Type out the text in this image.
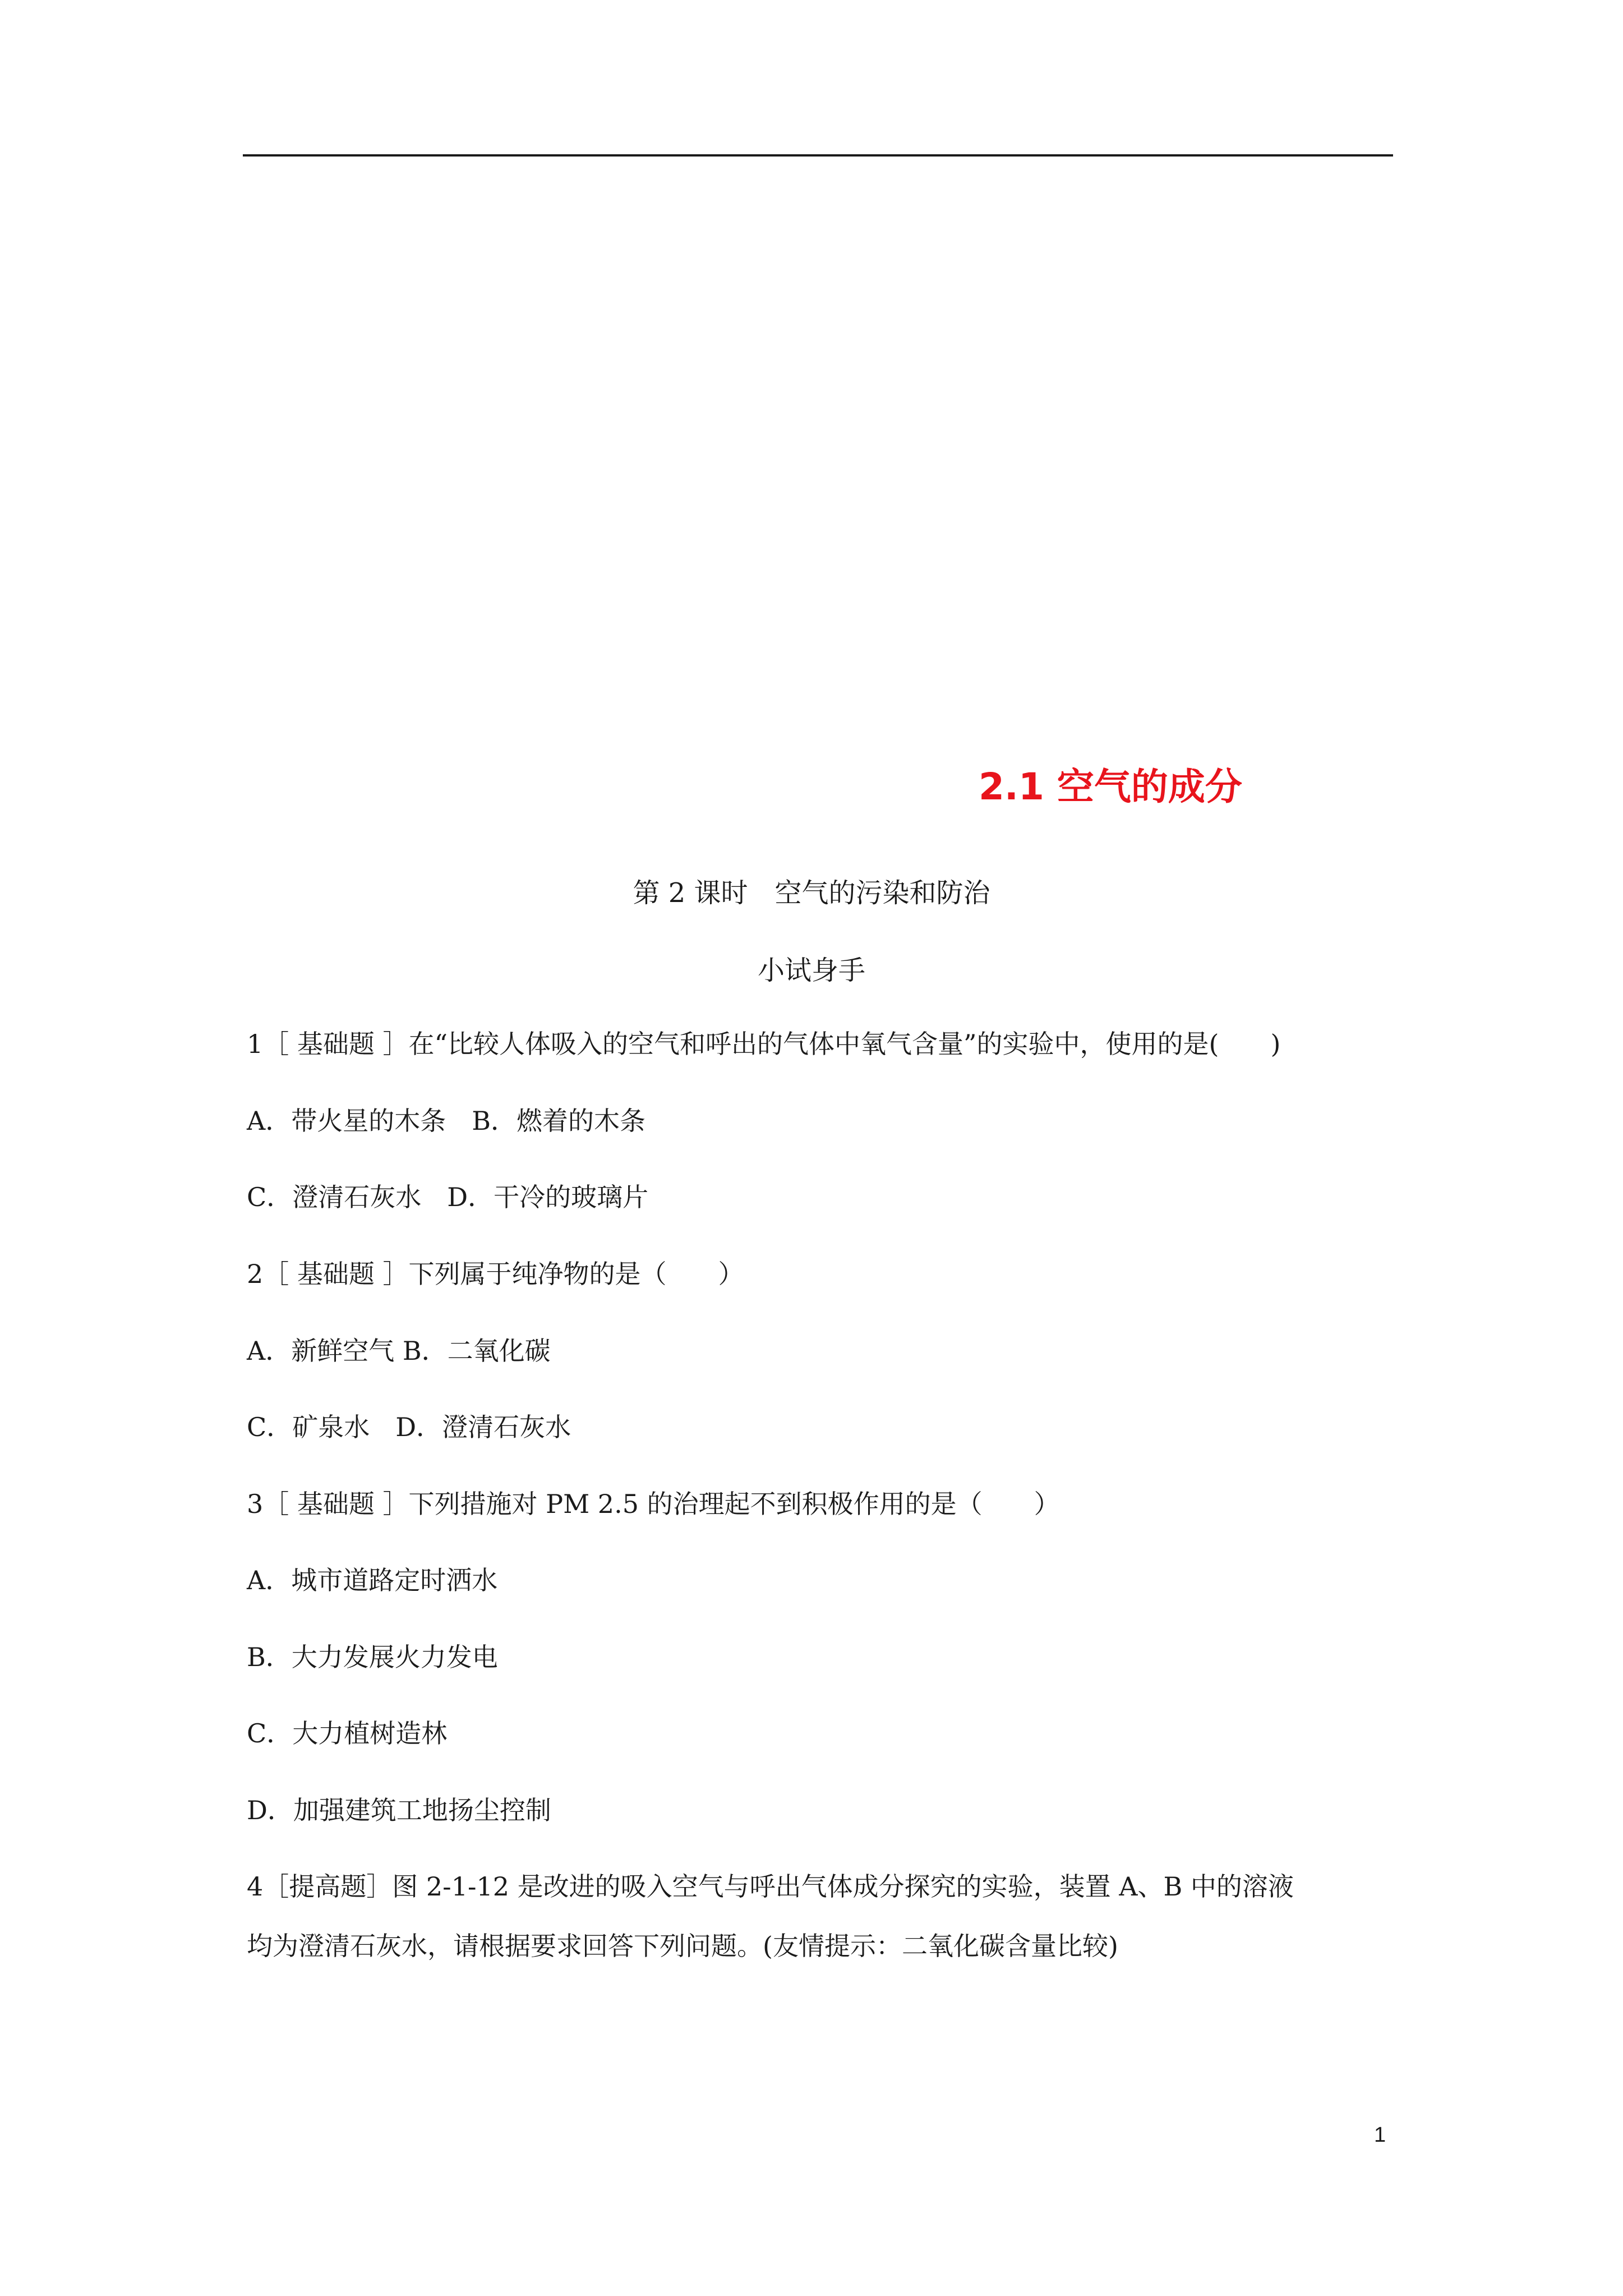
2.1 空气的成分
第 2 课时　空气的污染和防治
小试身手
1［ 基础题 ］在“比较人体吸入的空气和呼出的气体中氧气含量”的实验中，使用的是(　　)
A．带火星的木条　B．燃着的木条
C．澄清石灰水　D．干冷的玻璃片
2［ 基础题 ］下列属于纯净物的是（　　）
A．新鲜空气 B．二氧化碳
C．矿泉水　D．澄清石灰水
3［ 基础题 ］下列措施对 PM 2.5 的治理起不到积极作用的是（　　）
A．城市道路定时洒水
B．大力发展火力发电
C．大力植树造林
D．加强建筑工地扬尘控制
4［提高题］图 2-1-12 是改进的吸入空气与呼出气体成分探究的实验，装置 A、B 中的溶液
均为澄清石灰水，请根据要求回答下列问题。(友情提示：二氧化碳含量比较)
1
